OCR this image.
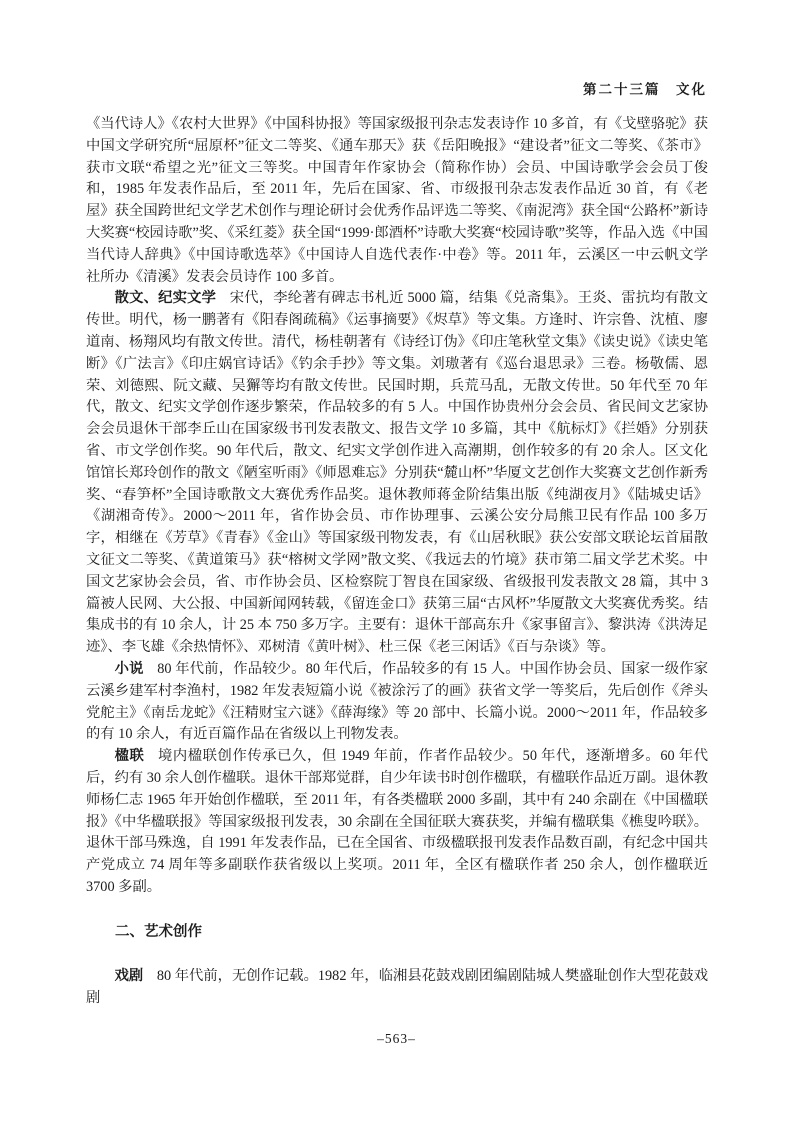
第二十三篇　文化

《当代诗人》《农村大世界》《中国科协报》等国家级报刊杂志发表诗作 10 多首，有《戈壁骆驼》获中国文学研究所“屈原杯”征文二等奖、《通车那天》获《岳阳晚报》“建设者”征文二等奖、《茶市》获市文联“希望之光”征文三等奖。中国青年作家协会（简称作协）会员、中国诗歌学会会员丁俊和，1985 年发表作品后，至 2011 年，先后在国家、省、市级报刊杂志发表作品近 30 首，有《老屋》获全国跨世纪文学艺术创作与理论研讨会优秀作品评选二等奖、《南泥湾》获全国“公路杯”新诗大奖赛“校园诗歌”奖、《采红菱》获全国“1999·郎酒杯”诗歌大奖赛“校园诗歌”奖等，作品入选《中国当代诗人辞典》《中国诗歌选萃》《中国诗人自选代表作·中卷》等。2011 年，云溪区一中云帆文学社所办《清溪》发表会员诗作 100 多首。

散文、纪实文学 宋代，李纶著有碑志书札近 5000 篇，结集《兑斋集》。王炎、雷抗均有散文传世。明代，杨一鹏著有《阳春阁疏稿》《运事摘要》《烬草》等文集。方逢时、许宗鲁、沈植、廖道南、杨翔风均有散文传世。清代，杨桂朝著有《诗经订伪》《印庄笔秋堂文集》《读史说》《读史笔断》《广法言》《印庄娲官诗话》《钓余手抄》等文集。刘璈著有《巡台退思录》三卷。杨敬儒、恩荣、刘德熙、阮文藏、吴獬等均有散文传世。民国时期，兵荒马乱，无散文传世。50 年代至 70 年代，散文、纪实文学创作逐步繁荣，作品较多的有 5 人。中国作协贵州分会会员、省民间文艺家协会会员退休干部李丘山在国家级书刊发表散文、报告文学 10 多篇，其中《航标灯》《拦婚》分别获省、市文学创作奖。90 年代后，散文、纪实文学创作进入高潮期，创作较多的有 20 余人。区文化馆馆长郑玲创作的散文《陋室听雨》《师恩难忘》分别获“麓山杯”华厦文艺创作大奖赛文艺创作新秀奖、“春笋杯”全国诗歌散文大赛优秀作品奖。退休教师蒋金阶结集出版《纯湖夜月》《陆城史话》《湖湘奇传》。2000～2011 年，省作协会员、市作协理事、云溪公安分局熊卫民有作品 100 多万字，相继在《芳草》《青春》《金山》等国家级刊物发表，有《山居秋眠》获公安部文联论坛首届散文征文二等奖、《黄道策马》获“榕树文学网”散文奖、《我远去的竹境》获市第二届文学艺术奖。中国文艺家协会会员，省、市作协会员、区检察院丁智良在国家级、省级报刊发表散文 28 篇，其中 3 篇被人民网、大公报、中国新闻网转载，《留连金口》获第三届“古风杯”华厦散文大奖赛优秀奖。结集成书的有 10 余人，计 25 本 750 多万字。主要有：退休干部高东升《家事留言》、黎洪涛《洪涛足迹》、李飞雄《余热情怀》、邓树清《黄叶树》、杜三保《老三闲话》《百与杂谈》等。

小说 80 年代前，作品较少。80 年代后，作品较多的有 15 人。中国作协会员、国家一级作家云溪乡建军村李渔村，1982 年发表短篇小说《被涂污了的画》获省文学一等奖后，先后创作《斧头党舵主》《南岳龙蛇》《汪精财宝六谜》《薛海缘》等 20 部中、长篇小说。2000～2011 年，作品较多的有 10 余人，有近百篇作品在省级以上刊物发表。

楹联 境内楹联创作传承已久，但 1949 年前，作者作品较少。50 年代，逐渐增多。60 年代后，约有 30 余人创作楹联。退休干部郑觉群，自少年读书时创作楹联，有楹联作品近万副。退休教师杨仁志 1965 年开始创作楹联，至 2011 年，有各类楹联 2000 多副，其中有 240 余副在《中国楹联报》《中华楹联报》等国家级报刊发表，30 余副在全国征联大赛获奖，并编有楹联集《樵叟吟联》。退休干部马殊逸，自 1991 年发表作品，已在全国省、市级楹联报刊发表作品数百副，有纪念中国共产党成立 74 周年等多副联作获省级以上奖项。2011 年，全区有楹联作者 250 余人，创作楹联近 3700 多副。

二、艺术创作

戏剧 80 年代前，无创作记载。1982 年，临湘县花鼓戏剧团编剧陆城人樊盛耻创作大型花鼓戏剧

–563–
